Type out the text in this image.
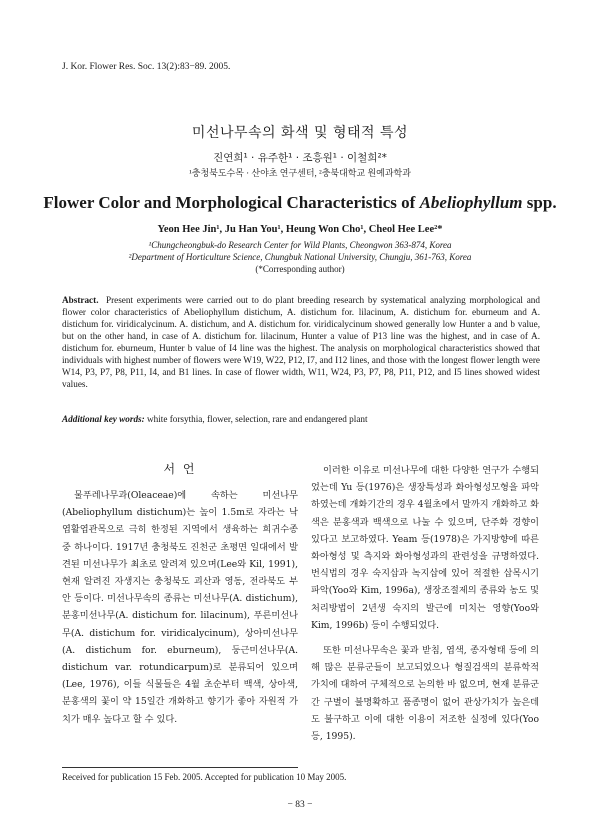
J. Kor. Flower Res. Soc. 13(2):83−89. 2005.
미선나무속의 화색 및 형태적 특성
진연희¹ · 유주한¹ · 조흥원¹ · 이철희²*
¹충청북도수목 · 산야초 연구센터, ²충북대학교 원예과학과
Flower Color and Morphological Characteristics of Abeliophyllum spp.
Yeon Hee Jin¹, Ju Han You¹, Heung Won Cho¹, Cheol Hee Lee²*
¹Chungcheongbuk-do Research Center for Wild Plants, Cheongwon 363-874, Korea
²Department of Horticulture Science, Chungbuk National University, Chungju, 361-763, Korea
(*Corresponding author)
Abstract. Present experiments were carried out to do plant breeding research by systematical analyzing morphological and flower color characteristics of Abeliophyllum distichum, A. distichum for. lilacinum, A. distichum for. eburneum and A. distichum for. viridicalycinum. A. distichum, and A. distichum for. viridicalycinum showed generally low Hunter a and b value, but on the other hand, in case of A. distichum for. lilacinum, Hunter a value of P13 line was the highest, and in case of A. distichum for. eburneum, Hunter b value of I4 line was the highest. The analysis on morphological characteristics showed that individuals with highest number of flowers were W19, W22, P12, I7, and I12 lines, and those with the longest flower length were W14, P3, P7, P8, P11, I4, and B1 lines. In case of flower width, W11, W24, P3, P7, P8, P11, P12, and I5 lines showed widest values.
Additional key words: white forsythia, flower, selection, rare and endangered plant
서 언

물푸레나무과(Oleaceae)에 속하는 미선나무(Abeliophyllum distichum)는 높이 1.5m로 자라는 낙엽활엽관목으로 극히 한정된 지역에서 생육하는 희귀수종 중 하나이다. 1917년 충청북도 진천군 초평면 일대에서 발견된 미선나무가 최초로 알려져 있으며(Lee와 Kil, 1991), 현재 알려진 자생지는 충청북도 괴산과 영동, 전라북도 부안 등이다. 미선나무속의 종류는 미선나무(A. distichum), 분홍미선나무(A. distichum for. lilacinum), 푸른미선나무(A. distichum for. viridicalycinum), 상아미선나무(A. distichum for. eburneum), 둥근미선나무(A. distichum var. rotundicarpum)로 분류되어 있으며(Lee, 1976), 이들 식물들은 4월 초순부터 백색, 상아색, 분홍색의 꽃이 약 15일간 개화하고 향기가 좋아 자원적 가치가 매우 높다고 할 수 있다.

이러한 이유로 미선나무에 대한 다양한 연구가 수행되었는데 Yu 등(1976)은 생장특성과 화아형성모형을 파악하였는데 개화기간의 경우 4월초에서 말까지 개화하고 화색은 분홍색과 백색으로 나눌 수 있으며, 단주화 경향이 있다고 보고하였다. Yeam 등(1978)은 가지방향에 따른 화아형성 및 측지와 화아형성과의 관련성을 규명하였다. 번식법의 경우 숙지삽과 녹지삽에 있어 적절한 삽목시기 파악(Yoo와 Kim, 1996a), 생장조절제의 종류와 농도 및 처리방법이 2년생 숙지의 발근에 미치는 영향(Yoo와 Kim, 1996b) 등이 수행되었다.

또한 미선나무속은 꽃과 받침, 엽색, 종자형태 등에 의해 많은 분류군들이 보고되었으나 형질검색의 분류학적 가치에 대하여 구체적으로 논의한 바 없으며, 현재 분류군간 구별이 불명확하고 품종명이 없어 관상가치가 높은데도 불구하고 이에 대한 이용이 저조한 실정에 있다(Yoo 등, 1995).

Received for publication 15 Feb. 2005. Accepted for publication 10 May 2005.
− 83 −
